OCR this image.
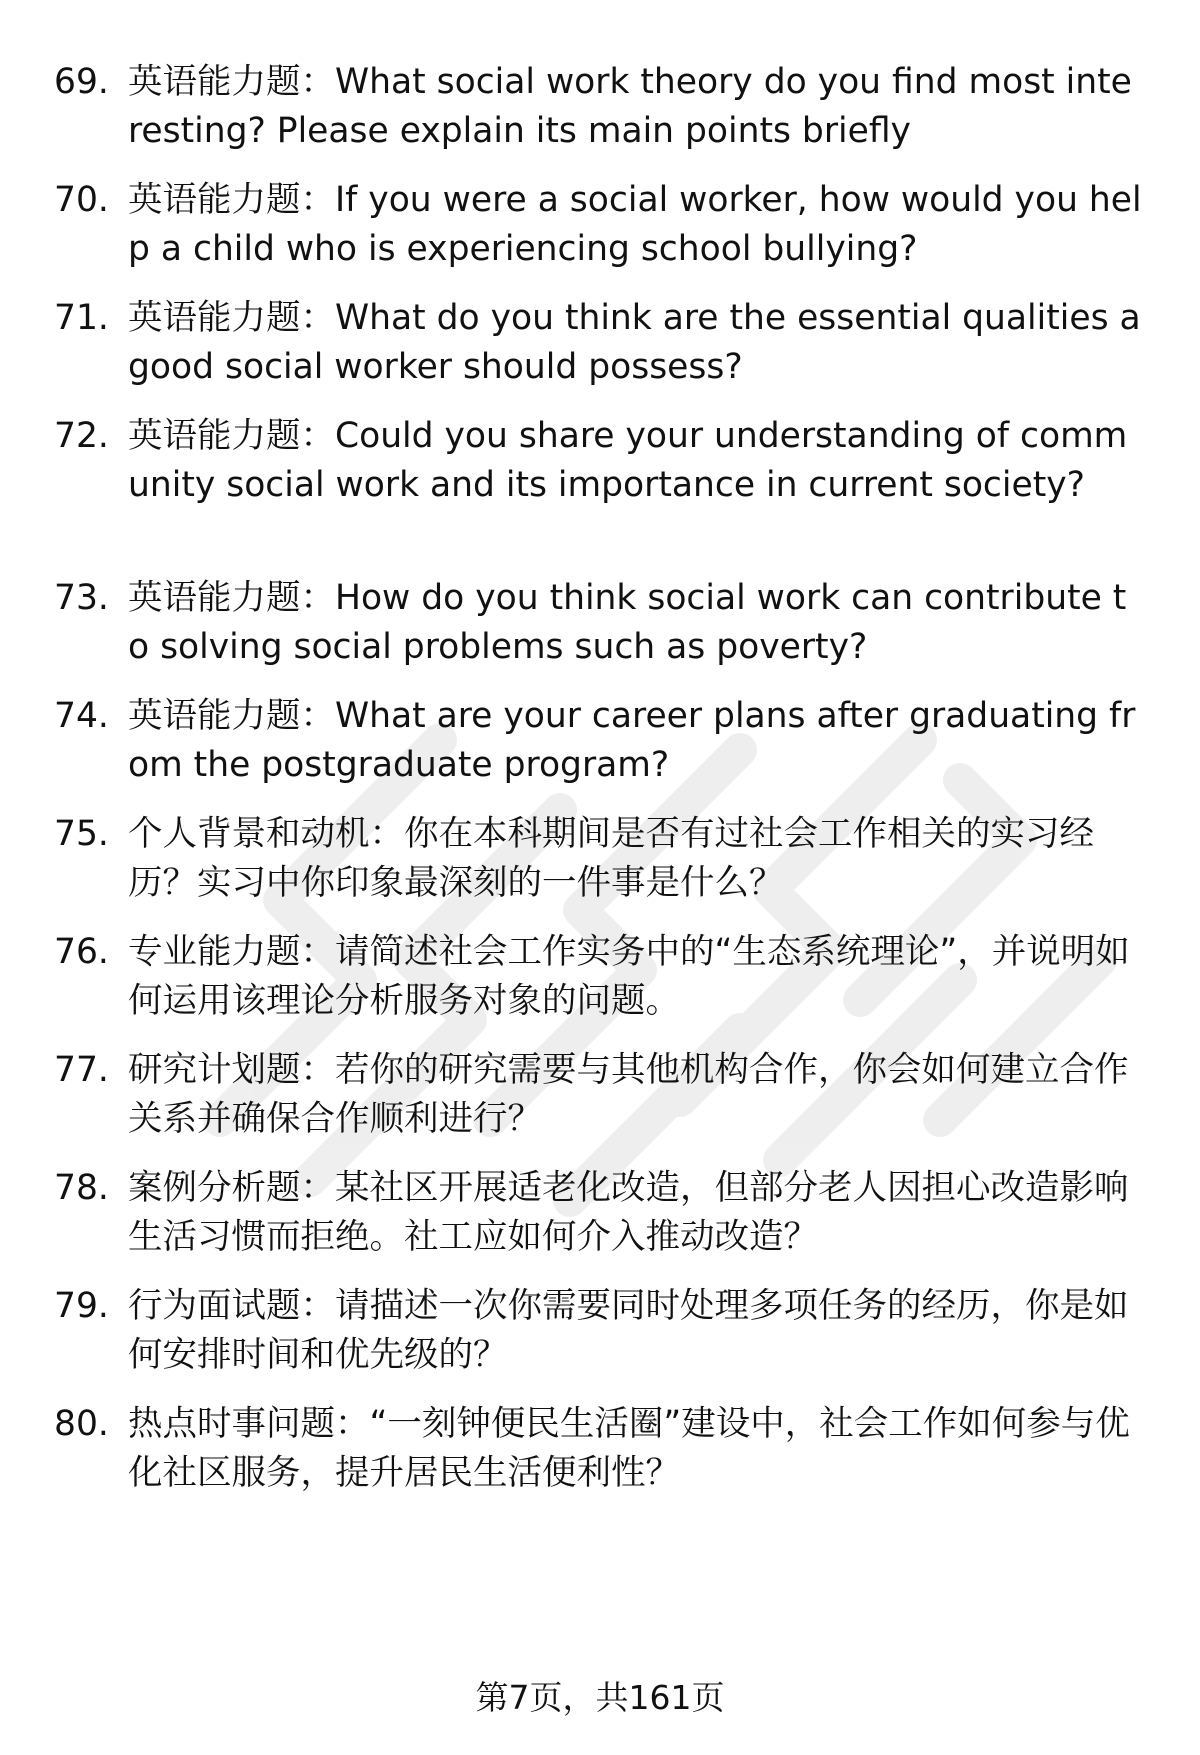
69. 英语能力题：What social work theory do you find most interesting? Please explain its main points briefly
70. 英语能力题：If you were a social worker, how would you help a child who is experiencing school bullying?
71. 英语能力题：What do you think are the essential qualities a good social worker should possess?
72. 英语能力题：Could you share your understanding of community social work and its importance in current society?
73. 英语能力题：How do you think social work can contribute to solving social problems such as poverty?
74. 英语能力题：What are your career plans after graduating from the postgraduate program?
75. 个人背景和动机：你在本科期间是否有过社会工作相关的实习经历？实习中你印象最深刻的一件事是什么？
76. 专业能力题：请简述社会工作实务中的“生态系统理论”，并说明如何运用该理论分析服务对象的问题。
77. 研究计划题：若你的研究需要与其他机构合作，你会如何建立合作关系并确保合作顺利进行？
78. 案例分析题：某社区开展适老化改造，但部分老人因担心改造影响生活习惯而拒绝。社工应如何介入推动改造？
79. 行为面试题：请描述一次你需要同时处理多项任务的经历，你是如何安排时间和优先级的？
80. 热点时事问题：“一刻钟便民生活圈”建设中，社会工作如何参与优化社区服务，提升居民生活便利性？
第7页，共161页
